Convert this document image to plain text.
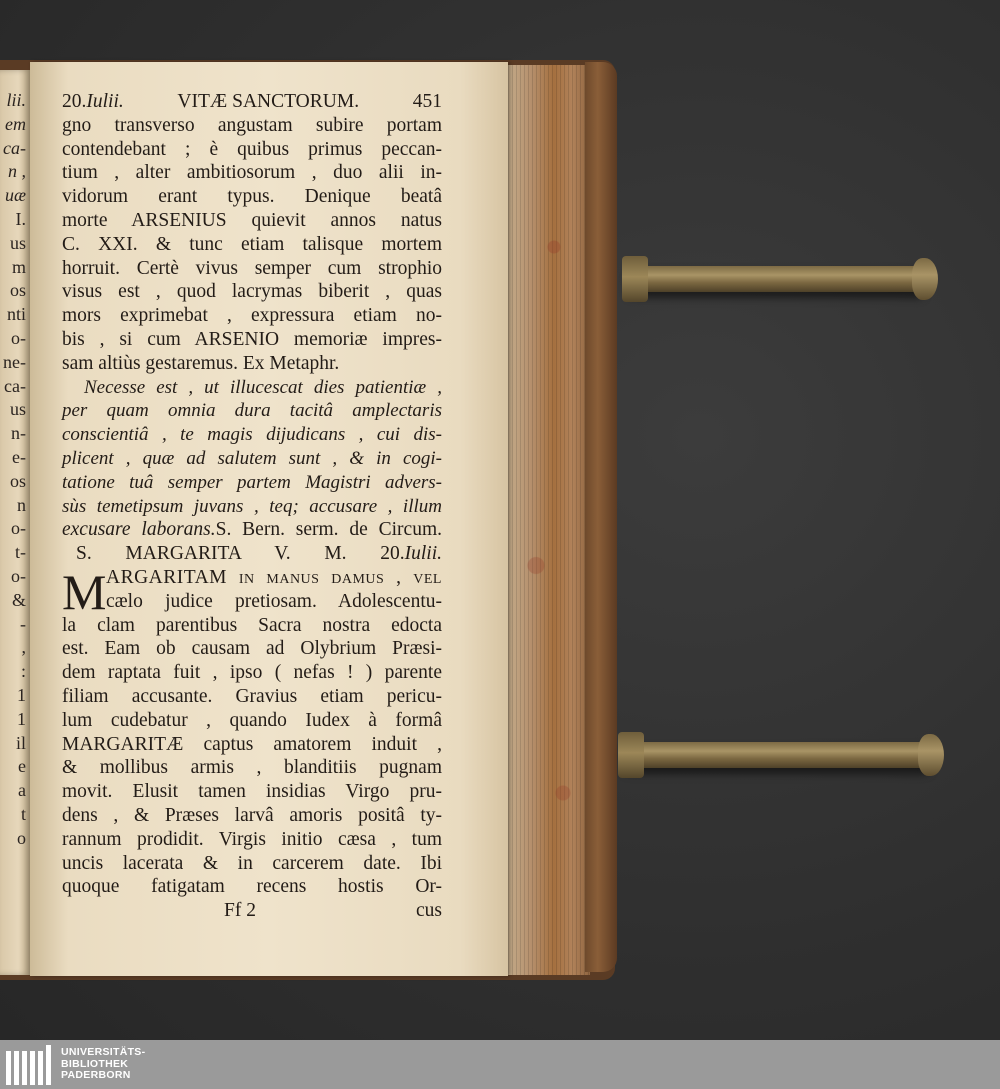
lii.
em
ca-
n ,
uæ
I.
us
m
os
nti
o-
ne-
ca-
us
n-
e-
os
n
o-
t-
o-
&
-
,
:
1
1
il
e
a
t
o
20.Iulii.	VITÆ SANCTORUM.	451
gno transverso angustam subire portam
contendebant ; è quibus primus peccan-
tium , alter ambitiosorum , duo alii in-
vidorum erant typus. Denique beatâ
morte ARSENIUS quievit annos natus
C. XXI. & tunc etiam talisque mortem
horruit. Certè vivus semper cum strophio
visus est , quod lacrymas biberit , quas
mors exprimebat , expressura etiam no-
bis , si cum ARSENIO memoriæ impres-
sam altiùs gestaremus. Ex Metaphr.
Necesse est , ut illucescat dies patientiæ ,
per quam omnia dura tacitâ amplectaris
conscientiâ , te magis dijudicans , cui dis-
plicent , quæ ad salutem sunt , & in cogi-
tatione tuâ semper partem Magistri advers-
sùs temetipsum juvans , teq; accusare , illum
excusare laborans.S. Bern. serm. de Circum.
S. MARGARITA V. M. 20.Iulii.
M ARGARITAM in manus damus , vel
cælo judice pretiosam. Adolescentu-
la clam parentibus Sacra nostra edocta
est. Eam ob causam ad Olybrium Præsi-
dem raptata fuit , ipso ( nefas ! ) parente
filiam accusante. Gravius etiam pericu-
lum cudebatur , quando Iudex à formâ
MARGARITÆ captus amatorem induit ,
& mollibus armis , blanditiis pugnam
movit. Elusit tamen insidias Virgo pru-
dens , & Præses larvâ amoris positâ ty-
rannum prodidit. Virgis initio cæsa , tum
uncis lacerata & in carcerem date. Ibi
quoque fatigatam recens hostis Or-
Ff 2	cus
UNIVERSITÄTS-
BIBLIOTHEK
PADERBORN
